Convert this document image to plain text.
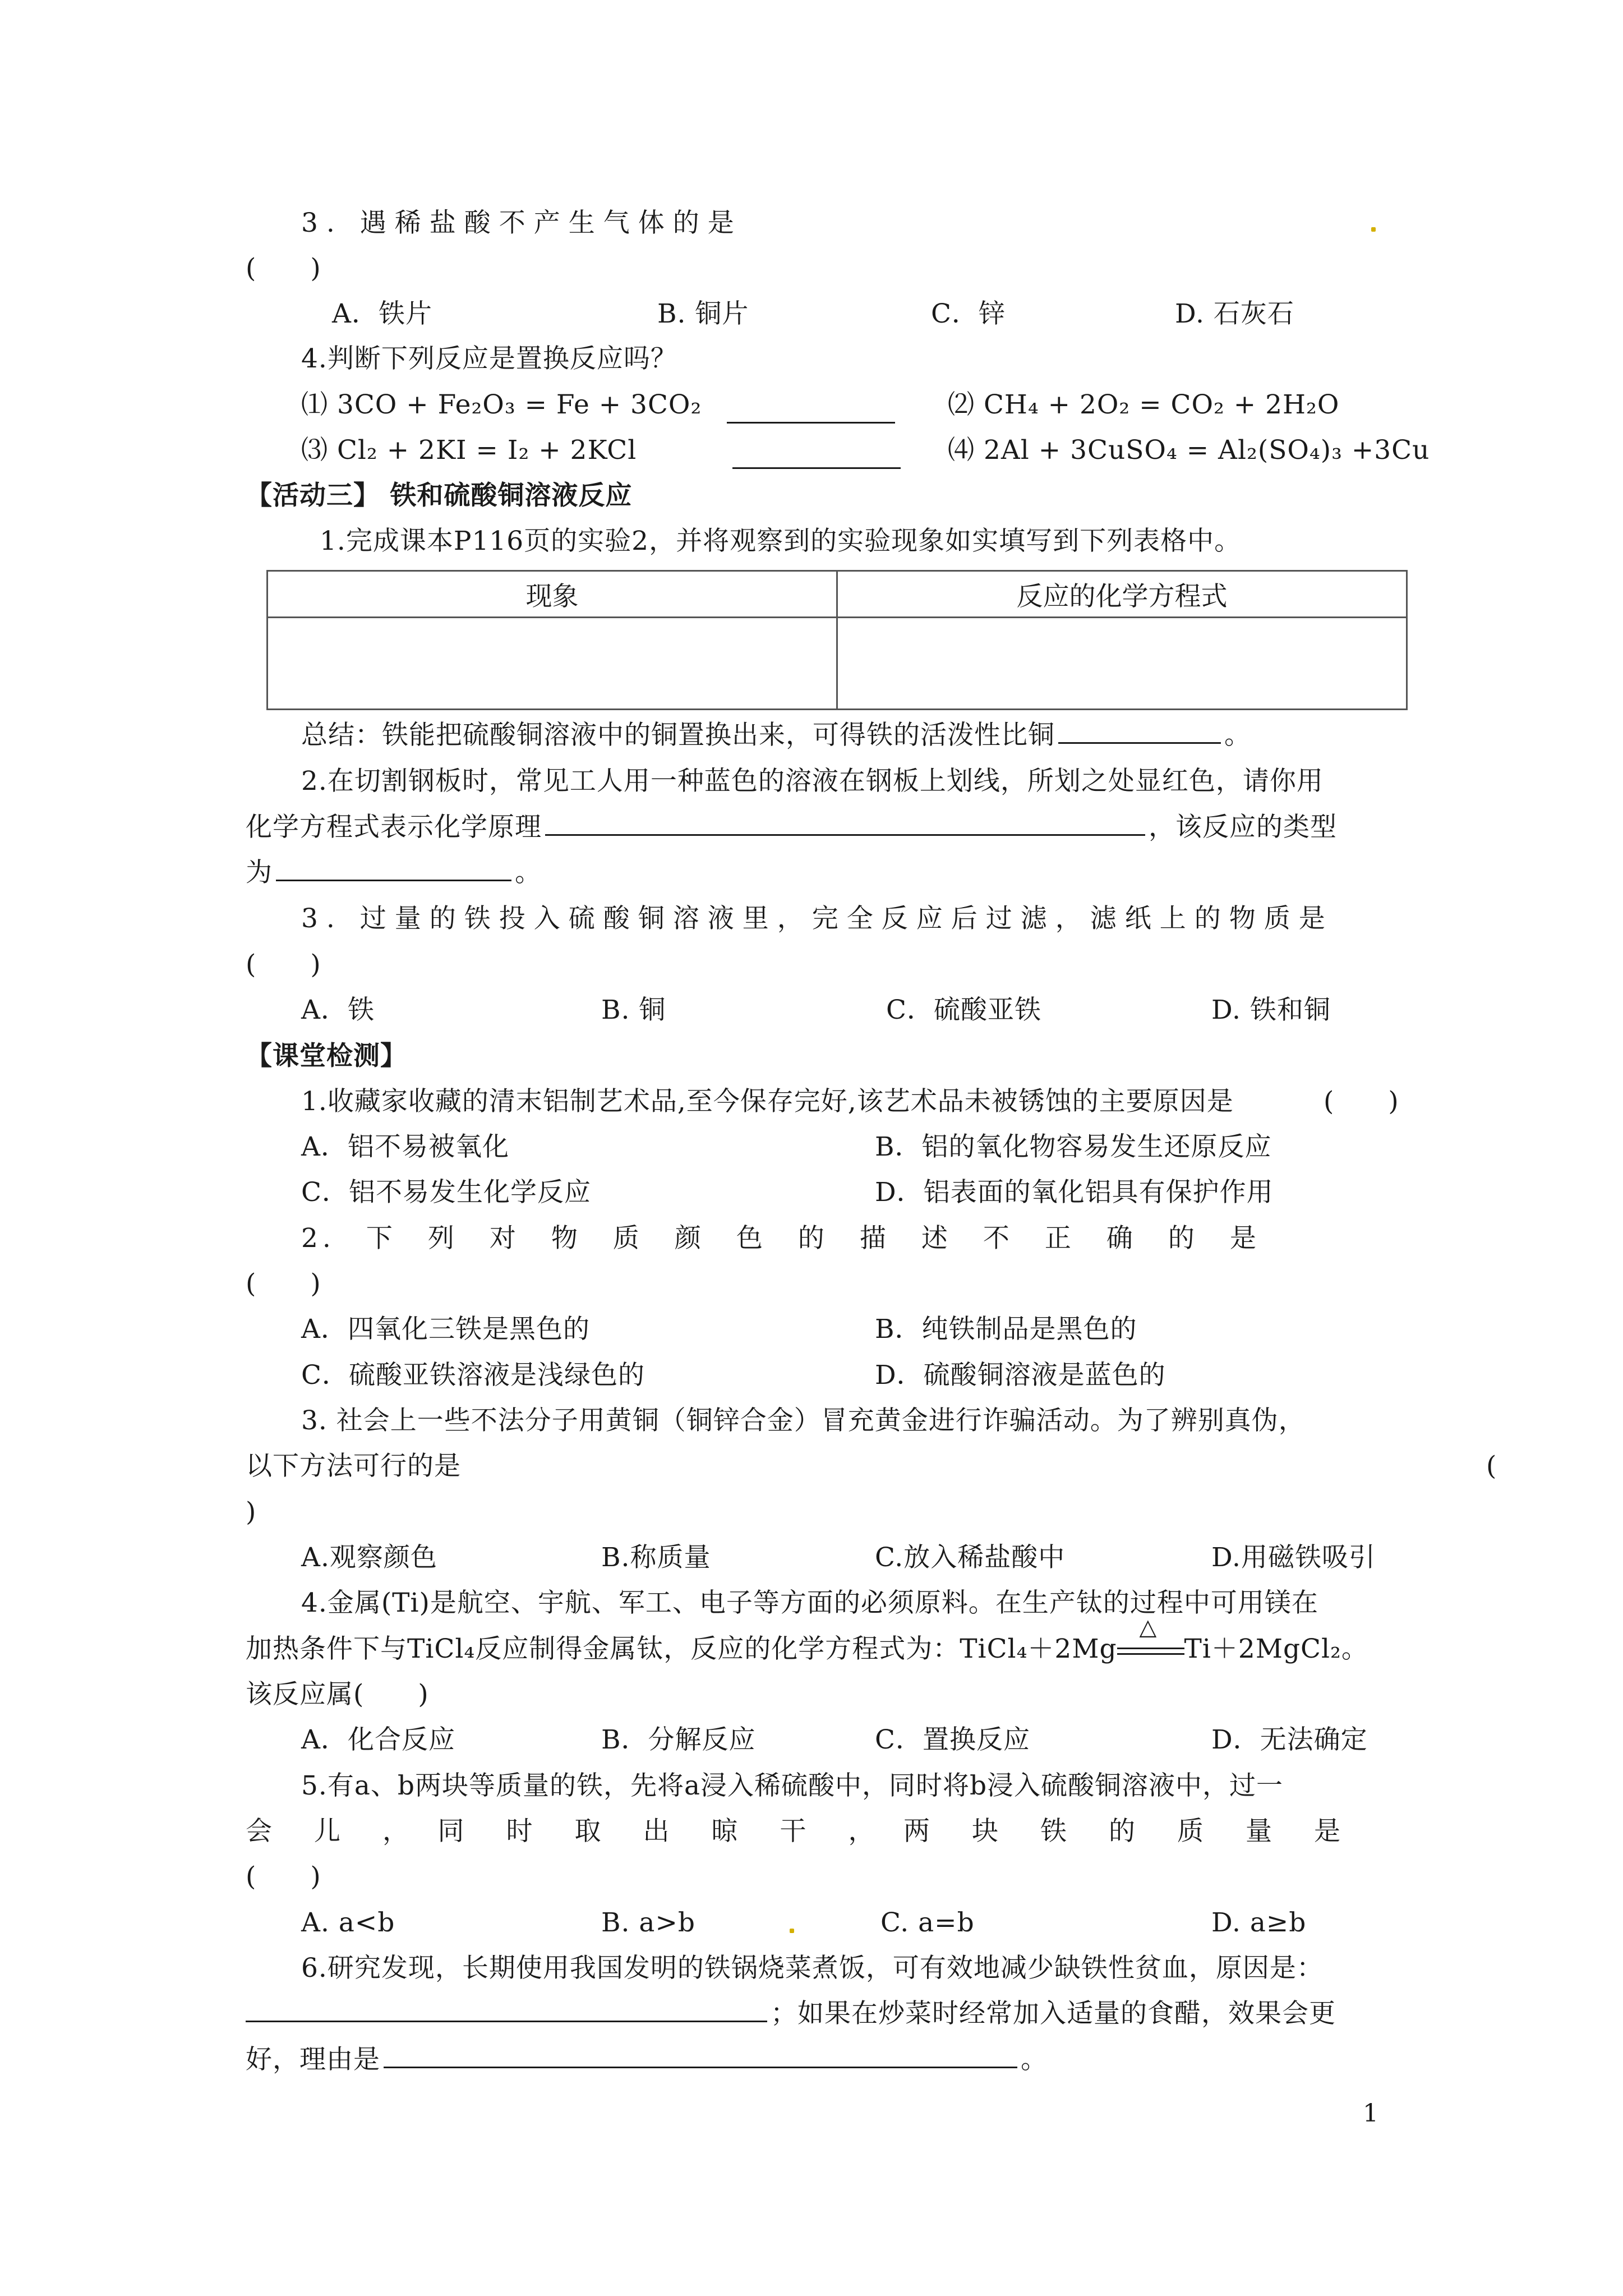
3. 遇稀盐酸不产生气体的是
(　　)
A．铁片	B. 铜片	C．锌	D. 石灰石
4.判断下列反应是置换反应吗？
⑴ 3CO + Fe₂O₃ = Fe + 3CO₂	⑵ CH₄ + 2O₂ = CO₂ + 2H₂O
⑶ Cl₂ + 2KI = I₂ + 2KCl	⑷ 2Al + 3CuSO₄ = Al₂(SO₄)₃ +3Cu
【活动三】 铁和硫酸铜溶液反应
1.完成课本P116页的实验2，并将观察到的实验现象如实填写到下列表格中。
现象	反应的化学方程式

总结：铁能把硫酸铜溶液中的铜置换出来，可得铁的活泼性比铜	。
2.在切割钢板时，常见工人用一种蓝色的溶液在钢板上划线，所划之处显红色，请你用
化学方程式表示化学原理	，该反应的类型
为	。
3. 过量的铁投入硫酸铜溶液里，完全反应后过滤，滤纸上的物质是
(　　)
A．铁	B. 铜	C．硫酸亚铁	D. 铁和铜
【课堂检测】
1.收藏家收藏的清末铝制艺术品,至今保存完好,该艺术品未被锈蚀的主要原因是	(　　)
A．铝不易被氧化	B．铝的氧化物容易发生还原反应
C．铝不易发生化学反应	D．铝表面的氧化铝具有保护作用
2.　下　列　对　物　质　颜　色　的　描　述　不　正　确　的　是
(　　)
A．四氧化三铁是黑色的	B．纯铁制品是黑色的
C．硫酸亚铁溶液是浅绿色的	D．硫酸铜溶液是蓝色的
3. 社会上一些不法分子用黄铜（铜锌合金）冒充黄金进行诈骗活动。为了辨别真伪，
以下方法可行的是	(
)
A.观察颜色	B.称质量	C.放入稀盐酸中	D.用磁铁吸引
4.金属(Ti)是航空、宇航、军工、电子等方面的必须原料。在生产钛的过程中可用镁在
加热条件下与TiCl₄反应制得金属钛，反应的化学方程式为：TiCl₄＋2Mg
△
Ti＋2MgCl₂。
该反应属(　　)
A．化合反应	B．分解反应	C．置换反应	D．无法确定
5.有a、b两块等质量的铁，先将a浸入稀硫酸中，同时将b浸入硫酸铜溶液中，过一
会　儿　，　同　时　取　出　晾　干　，　两　块　铁　的　质　量　是
(　　)
A. a<b	B. a>b	C. a=b	D. a≥b
6.研究发现，长期使用我国发明的铁锅烧菜煮饭，可有效地减少缺铁性贫血，原因是：
；如果在炒菜时经常加入适量的食醋，效果会更
好，理由是	。
1
